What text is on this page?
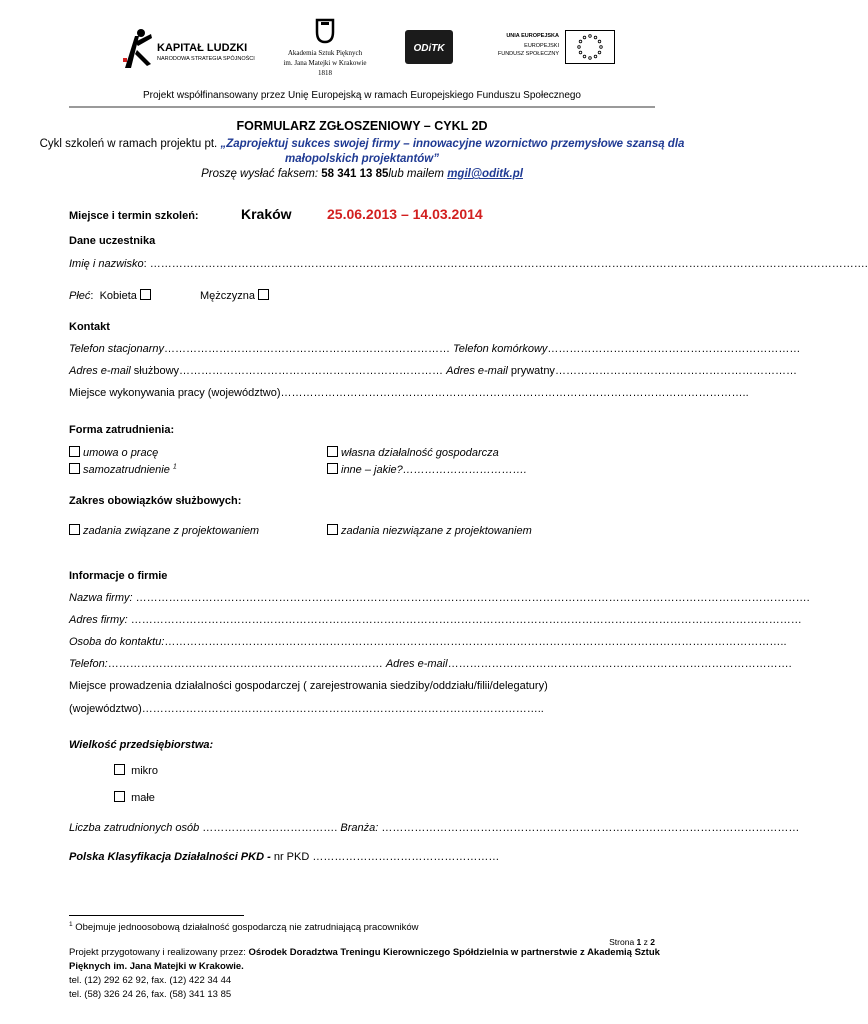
KAPITAŁ LUDZKI
NARODOWA STRATEGIA SPÓJNOŚCI
Akademia Sztuk Pięknych
im. Jana Matejki w Krakowie
1818
ODiTK
UNIA EUROPEJSKA
EUROPEJSKI
FUNDUSZ SPOŁECZNY
Projekt współfinansowany przez Unię Europejską w ramach Europejskiego Funduszu Społecznego
FORMULARZ ZGŁOSZENIOWY – CYKL 2D
Cykl szkoleń w ramach projektu pt. „Zaprojektuj sukces swojej firmy – innowacyjne wzornictwo przemysłowe szansą dla
małopolskich projektantów”
Proszę wysłać faksem: 58 341 13 85lub mailem mgil@oditk.pl
Miejsce i termin szkoleń:	Kraków	25.06.2013 – 14.03.2014
Dane uczestnika
Imię i nazwisko: …………………………………………………………………………………………………………………………………………………………………………….
Płeć:  Kobieta	Mężczyzna
Kontakt
Telefon stacjonarny…………………………………………………………………… Telefon komórkowy……………………………………………………………
Adres e-mail służbowy……………………………………………………………… Adres e-mail prywatny…………………………………………………………
Miejsce wykonywania pracy (województwo)………………………………………………………………………………………………………………..
Forma zatrudnienia:
umowa o pracę	własna działalność gospodarcza
samozatrudnienie $^1$	inne – jakie?…………………………….
Zakres obowiązków służbowych:
zadania związane z projektowaniem	zadania niezwiązane z projektowaniem
Informacje o firmie
Nazwa firmy: ………………………………………………………………………………………………………………………………………………………………….
Adres firmy: …………………………………………………………………………………………………………………………………………………………………
Osoba do kontaktu:……………………………………………………………………………………………………………………………………………………..
Telefon:………………………………………………………………… Adres e-mail………………………………………………………………………………….
Miejsce prowadzenia działalności gospodarczej ( zarejestrowania siedziby/oddziału/filii/delegatury)
(województwo)………………………………………………………………………………………………..
Wielkość przedsiębiorstwa:
mikro
małe
Liczba zatrudnionych osób ………………………………. Branża: ……………………………………………………………………………………………………
Polska Klasyfikacja Działalności PKD - nr PKD ……………………………………………
$^1$ Obejmuje jednoosobową działalność gospodarczą nie zatrudniającą pracowników
Strona 1 z 2
Projekt przygotowany i realizowany przez: Ośrodek Doradztwa Treningu Kierowniczego Spółdzielnia w partnerstwie z Akademią Sztuk
Pięknych im. Jana Matejki w Krakowie.
tel. (12) 292 62 92, fax. (12) 422 34 44
tel. (58) 326 24 26, fax. (58) 341 13 85
